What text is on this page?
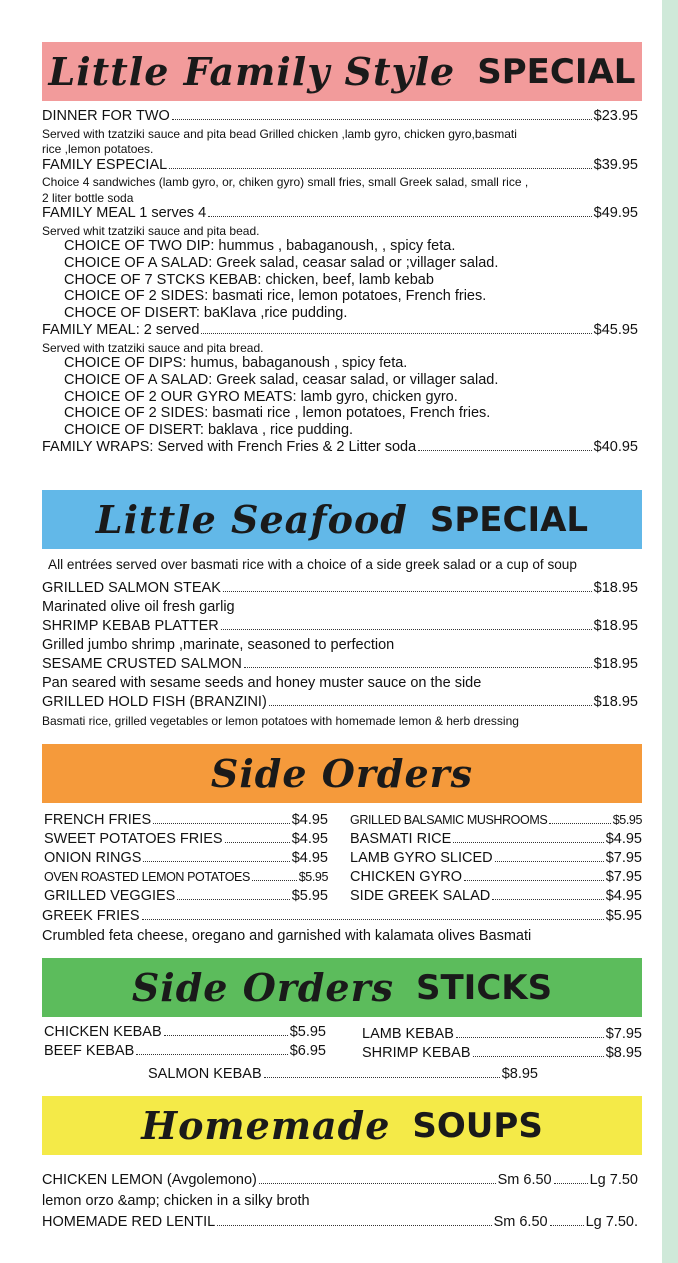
Little Family Style SPECIAL
DINNER FOR TWO	$23.95
Served with tzatziki sauce and pita bead Grilled chicken ,lamb gyro, chicken gyro,basmati
rice ,lemon potatoes.
FAMILY ESPECIAL	$39.95
Choice 4 sandwiches (lamb gyro, or, chiken gyro) small fries, small Greek salad, small rice ,
2 liter bottle soda
FAMILY MEAL 1 serves 4	$49.95
Served whit tzatziki sauce and pita bead.
CHOICE OF TWO DIP: hummus , babaganoush, , spicy feta.
CHOICE OF A SALAD: Greek salad, ceasar salad or ;villager salad.
CHOCE OF 7 STCKS KEBAB: chicken, beef, lamb kebab
CHOICE OF 2 SIDES: basmati rice, lemon potatoes, French fries.
CHOCE OF DISERT: baKlava ,rice pudding.
FAMILY MEAL: 2 served	$45.95
Served with tzatziki sauce and pita bread.
CHOICE OF DIPS: humus, babaganoush , spicy feta.
CHOICE OF A SALAD: Greek salad, ceasar salad, or villager salad.
CHOICE OF 2 OUR GYRO MEATS: lamb gyro, chicken gyro.
CHOICE OF 2 SIDES: basmati rice , lemon potatoes, French fries.
CHOICE OF DISERT: baklava , rice pudding.
FAMILY WRAPS: Served with French Fries & 2 Litter soda	$40.95
Little Seafood SPECIAL
All entrées served over basmati rice with a choice of a side greek salad or a cup of soup
GRILLED SALMON STEAK	$18.95
Marinated olive oil fresh garlig
SHRIMP KEBAB PLATTER	$18.95
Grilled jumbo shrimp ,marinate, seasoned to perfection
SESAME CRUSTED SALMON	$18.95
Pan seared with sesame seeds and honey muster sauce on the side
GRILLED HOLD FISH (BRANZINI)	$18.95
Basmati rice, grilled vegetables or lemon potatoes with homemade lemon & herb dressing
Side Orders
FRENCH FRIES	$4.95
SWEET POTATOES FRIES	$4.95
ONION RINGS	$4.95
OVEN ROASTED LEMON POTATOES	$5.95
GRILLED VEGGIES	$5.95
GRILLED BALSAMIC MUSHROOMS	$5.95
BASMATI RICE	$4.95
LAMB GYRO SLICED	$7.95
CHICKEN GYRO	$7.95
SIDE GREEK SALAD	$4.95
GREEK FRIES	$5.95
Crumbled feta cheese, oregano and garnished with kalamata olives Basmati
Side Orders STICKS
CHICKEN KEBAB	$5.95
BEEF KEBAB	$6.95
LAMB KEBAB	$7.95
SHRIMP KEBAB	$8.95
SALMON KEBAB	$8.95
Homemade SOUPS
CHICKEN LEMON (Avgolemono)	Sm 6.50	Lg 7.50
lemon orzo &amp; chicken in a silky broth
HOMEMADE RED LENTIL	Sm 6.50	Lg 7.50.
